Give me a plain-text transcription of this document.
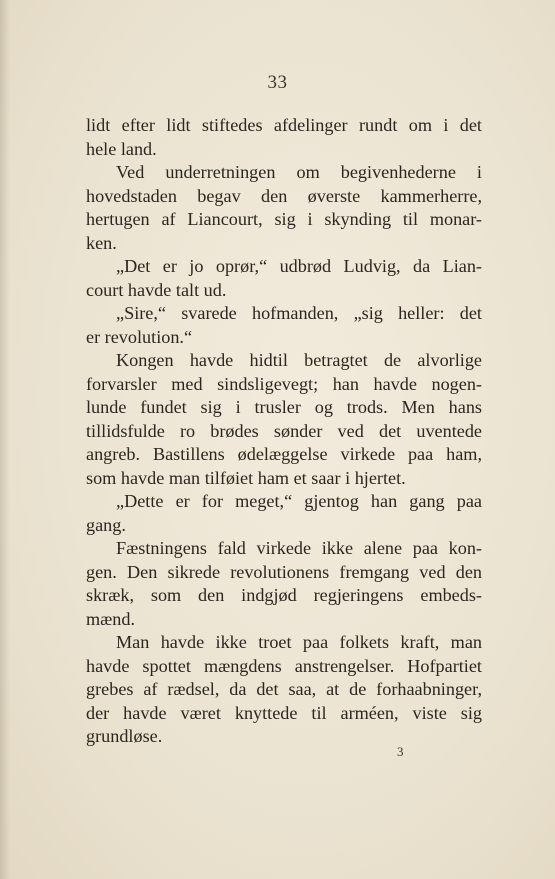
33
lidt efter lidt stiftedes afdelinger rundt om i det
hele land.
Ved underretningen om begivenhederne i
hovedstaden begav den øverste kammerherre,
hertugen af Liancourt, sig i skynding til monar-
ken.
„Det er jo oprør,“ udbrød Ludvig, da Lian-
court havde talt ud.
„Sire,“ svarede hofmanden, „sig heller: det
er revolution.“
Kongen havde hidtil betragtet de alvorlige
forvarsler med sindsligevegt; han havde nogen-
lunde fundet sig i trusler og trods. Men hans
tillidsfulde ro brødes sønder ved det uventede
angreb. Bastillens ødelæggelse virkede paa ham,
som havde man tilføiet ham et saar i hjertet.
„Dette er for meget,“ gjentog han gang paa
gang.
Fæstningens fald virkede ikke alene paa kon-
gen. Den sikrede revolutionens fremgang ved den
skræk, som den indgjød regjeringens embeds-
mænd.
Man havde ikke troet paa folkets kraft, man
havde spottet mængdens anstrengelser. Hofpartiet
grebes af rædsel, da det saa, at de forhaabninger,
der havde været knyttede til arméen, viste sig
grundløse.
3
